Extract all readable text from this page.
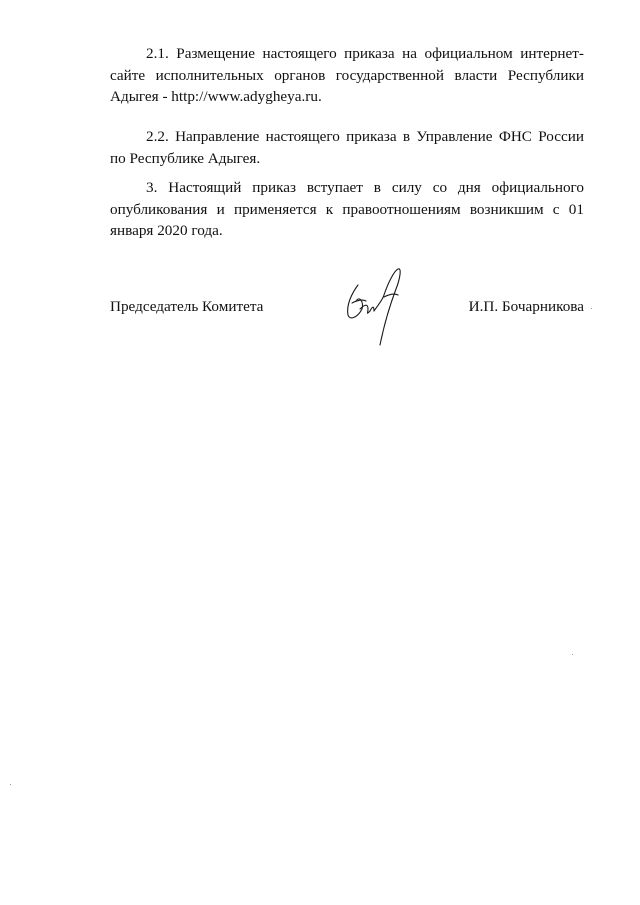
2.1. Размещение настоящего приказа на официальном интернет-сайте исполнительных органов государственной власти Республики Адыгея - http://www.adygheya.ru.

2.2. Направление настоящего приказа в Управление ФНС России по Республике Адыгея.

3. Настоящий приказ вступает в силу со дня официального опубликования и применяется к правоотношениям возникшим с 01 января 2020 года.

Председатель Комитета	И.П. Бочарникова
